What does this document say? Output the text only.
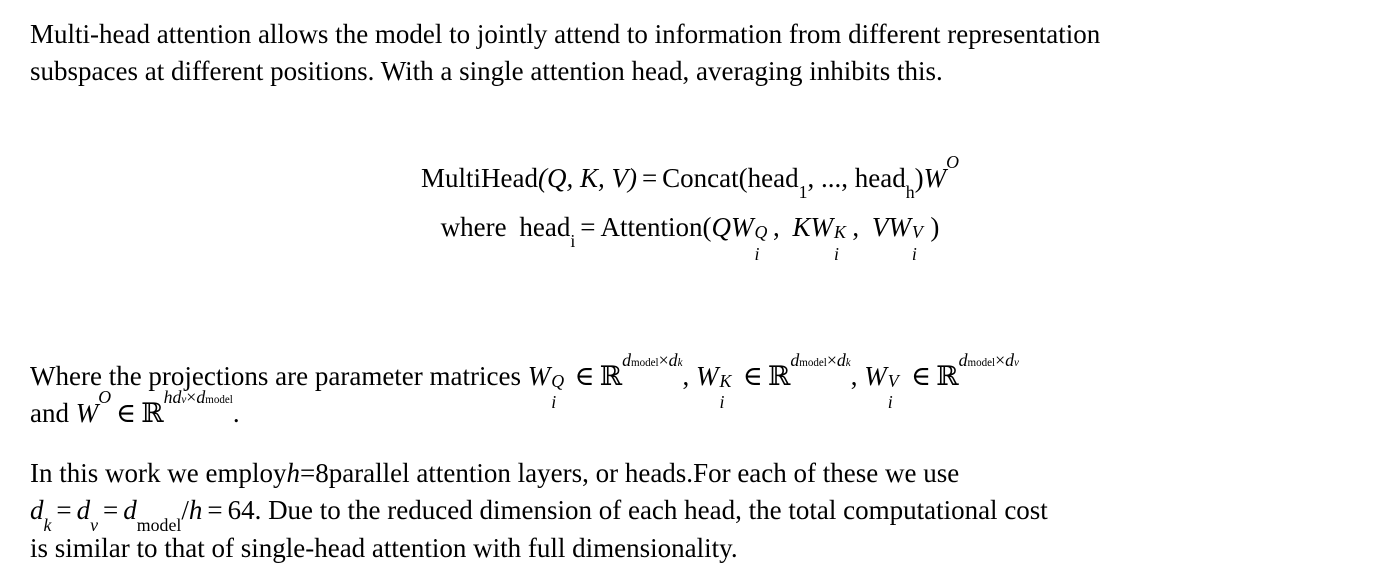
Multi-head attention allows the model to jointly attend to information from different representation
subspaces at different positions. With a single attention head, averaging inhibits this.
MultiHead(Q, K, V) = Concat(head$_1$, ..., $head_h)W^O$
where head$_i$ = Attention(QW Q
i
, KW K
i
, VW V
i
)
Where the projections are parameter matrices W Q
i
∈ ℝ$^{dmodel\times dk}$, W K
i
∈ ℝ$^{dmodel\times dk}$, W V
i
∈ ℝ$^{dmodel\times dv}$
and $W^O\in$ ℝ$^{hdv\times dmodel}$.
In this work we employh=8parallel attention layers, or heads.For each of these we use
$d_k = d_v = d_{model}/h = 64$. Due to the reduced dimension of each head, the total computational cost
is similar to that of single-head attention with full dimensionality.
